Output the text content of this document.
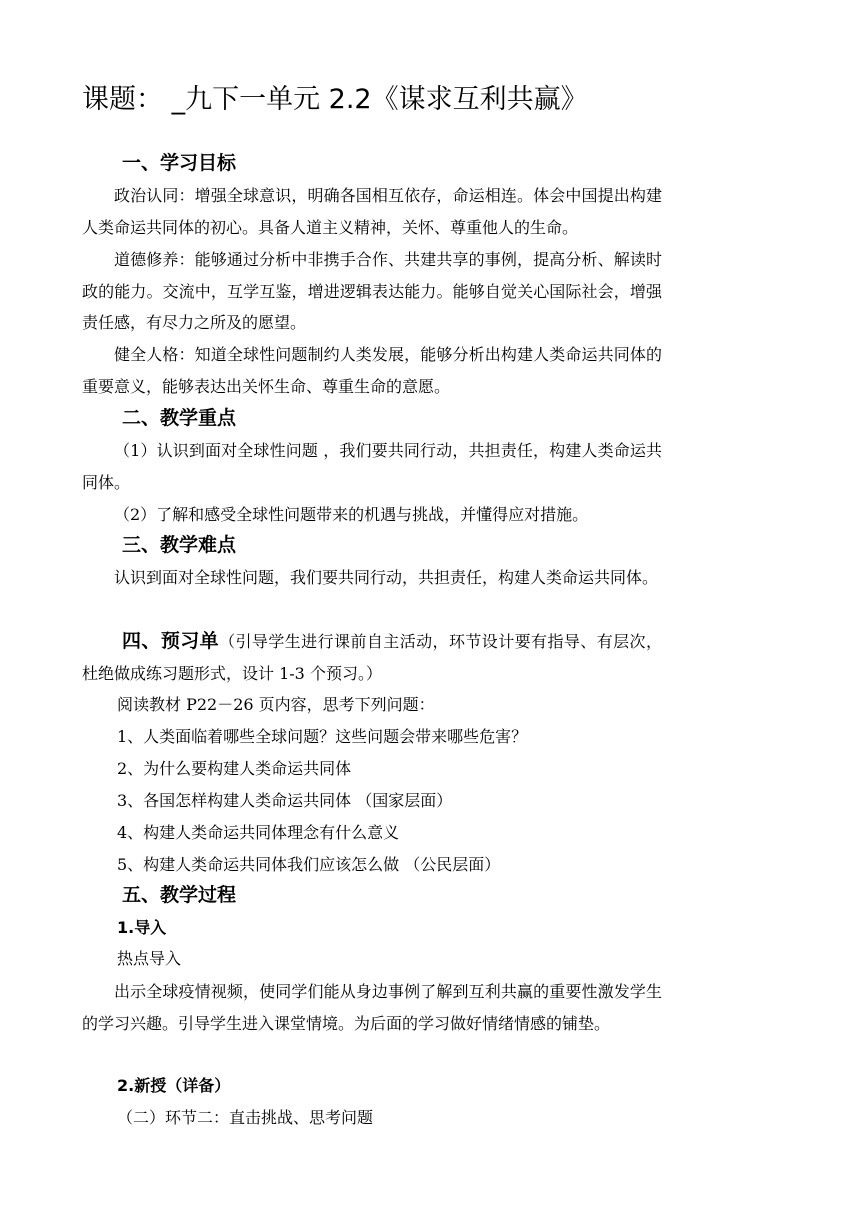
课题： _九下一单元 2.2《谋求互利共赢》
一、学习目标
政治认同：增强全球意识，明确各国相互依存，命运相连。体会中国提出构建人类命运共同体的初心。具备人道主义精神，关怀、尊重他人的生命。
道德修养：能够通过分析中非携手合作、共建共享的事例，提高分析、解读时政的能力。交流中，互学互鉴，增进逻辑表达能力。能够自觉关心国际社会，增强责任感，有尽力之所及的愿望。
健全人格：知道全球性问题制约人类发展，能够分析出构建人类命运共同体的重要意义，能够表达出关怀生命、尊重生命的意愿。
二、教学重点
（1）认识到面对全球性问题 ，我们要共同行动，共担责任，构建人类命运共同体。
（2）了解和感受全球性问题带来的机遇与挑战，并懂得应对措施。
三、教学难点
认识到面对全球性问题，我们要共同行动，共担责任，构建人类命运共同体。
四、预习单（引导学生进行课前自主活动，环节设计要有指导、有层次，杜绝做成练习题形式，设计 1-3 个预习。）
阅读教材 P22－26 页内容，思考下列问题：
1、人类面临着哪些全球问题？这些问题会带来哪些危害？
2、为什么要构建人类命运共同体
3、各国怎样构建人类命运共同体 （国家层面）
4、构建人类命运共同体理念有什么意义
5、构建人类命运共同体我们应该怎么做 （公民层面）
五、教学过程
1.导入
热点导入
出示全球疫情视频，使同学们能从身边事例了解到互利共赢的重要性激发学生的学习兴趣。引导学生进入课堂情境。为后面的学习做好情绪情感的铺垫。
2.新授（详备）
（二）环节二：直击挑战、思考问题
